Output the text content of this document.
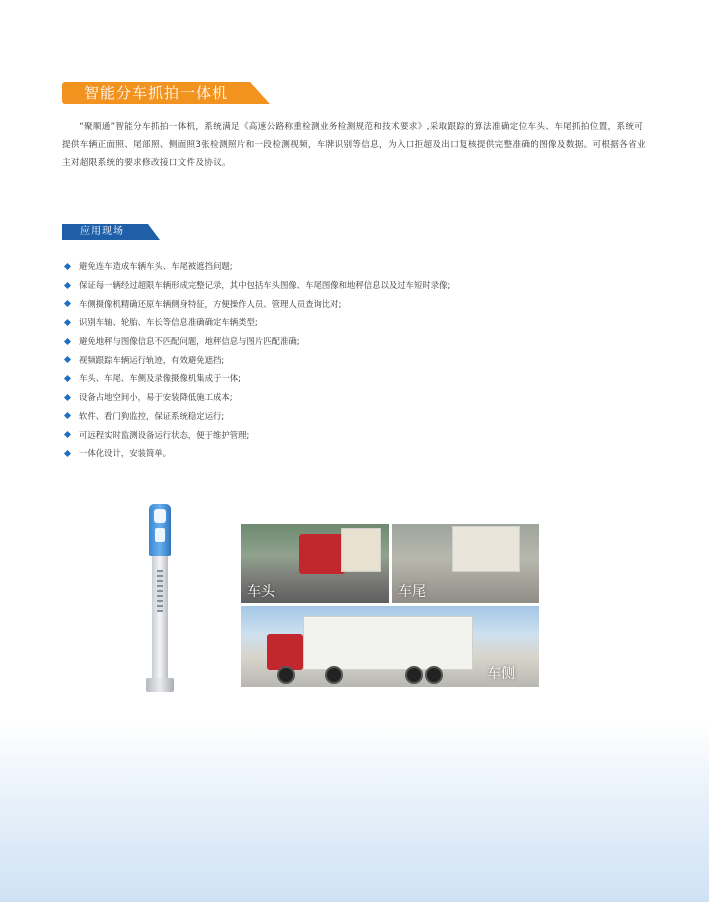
智能分车抓拍一体机

“聚顺通”智能分车抓拍一体机，系统满足《高速公路称重检测业务检测规范和技术要求》,采取跟踪的算法准确定位车头、车尾抓拍位置，系统可提供车辆正面照、尾部照、侧面照3张检测照片和一段检测视频，车牌识别等信息，为入口拒超及出口复核提供完整准确的图像及数据。可根据各省业主对超限系统的要求修改接口文件及协议。

应用现场
避免连车造成车辆车头、车尾被遮挡问题;
保证每一辆经过超限车辆形成完整记录，其中包括车头图像、车尾图像和地秤信息以及过车短时录像;
车侧摄像机精确还原车辆侧身特征，方便操作人员、管理人员查询比对;
识别车轴、轮胎、车长等信息准确确定车辆类型;
避免地秤与图像信息不匹配问题，地秤信息与图片匹配准确;
视频跟踪车辆运行轨迹，有效避免遮挡;
车头、车尾、车侧及录像摄像机集成于一体;
设备占地空间小，易于安装降低施工成本;
软件、看门狗监控，保证系统稳定运行;
可远程实时监测设备运行状态，便于维护管理;
一体化设计，安装简单。
车头	车尾
车侧
